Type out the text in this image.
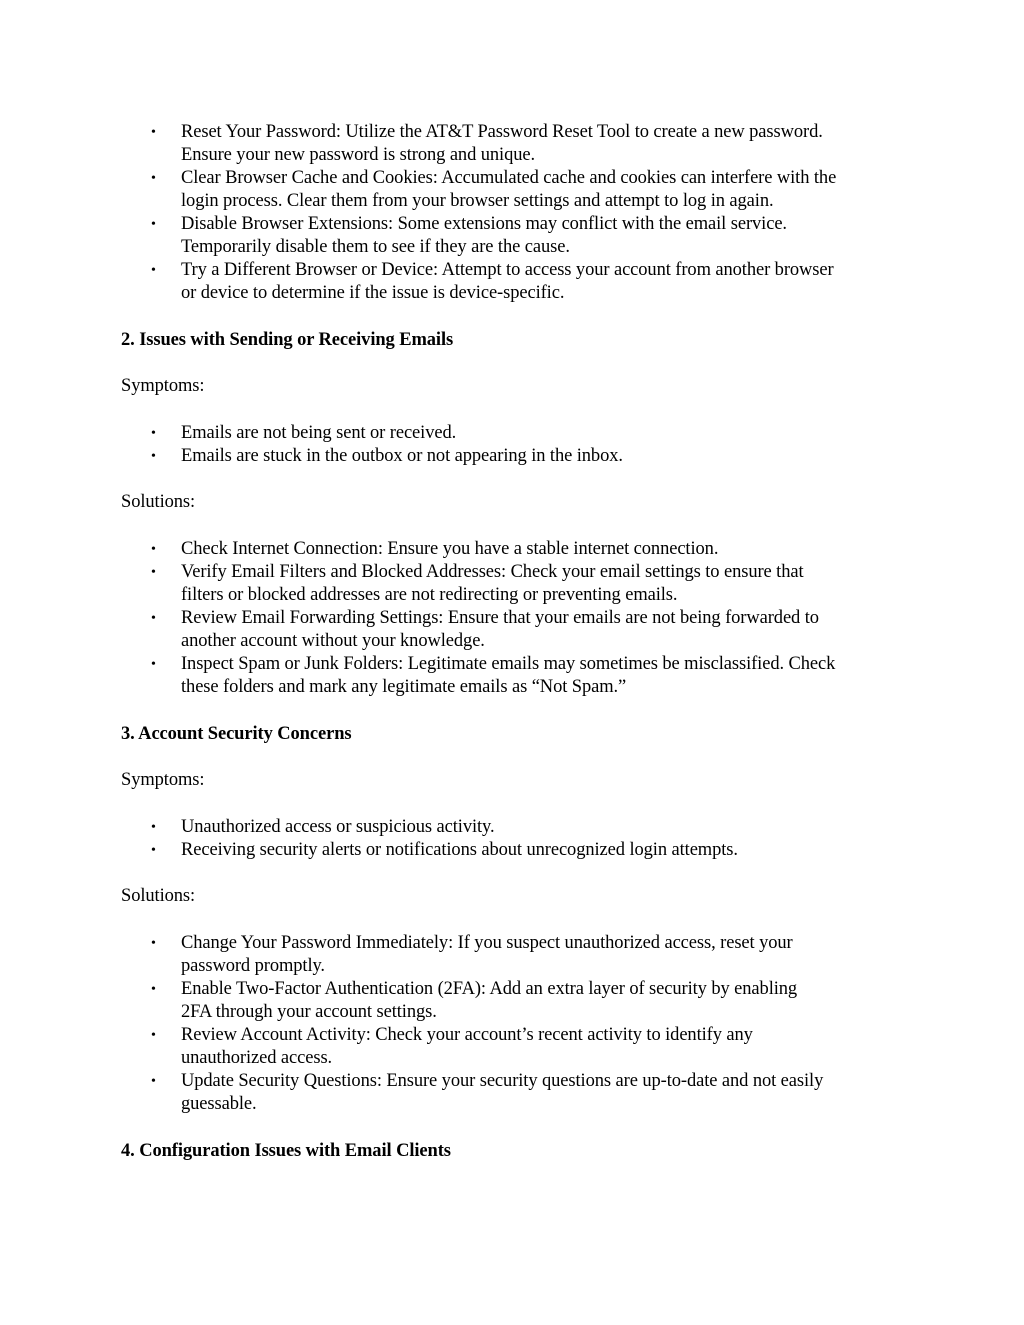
• Reset Your Password: Utilize the AT&T Password Reset Tool to create a new password.
Ensure your new password is strong and unique.
• Clear Browser Cache and Cookies: Accumulated cache and cookies can interfere with the
login process. Clear them from your browser settings and attempt to log in again.
• Disable Browser Extensions: Some extensions may conflict with the email service.
Temporarily disable them to see if they are the cause.
• Try a Different Browser or Device: Attempt to access your account from another browser
or device to determine if the issue is device-specific.
2. Issues with Sending or Receiving Emails
Symptoms:
• Emails are not being sent or received.
• Emails are stuck in the outbox or not appearing in the inbox.
Solutions:
• Check Internet Connection: Ensure you have a stable internet connection.
• Verify Email Filters and Blocked Addresses: Check your email settings to ensure that
filters or blocked addresses are not redirecting or preventing emails.
• Review Email Forwarding Settings: Ensure that your emails are not being forwarded to
another account without your knowledge.
• Inspect Spam or Junk Folders: Legitimate emails may sometimes be misclassified. Check
these folders and mark any legitimate emails as “Not Spam.”
3. Account Security Concerns
Symptoms:
• Unauthorized access or suspicious activity.
• Receiving security alerts or notifications about unrecognized login attempts.
Solutions:
• Change Your Password Immediately: If you suspect unauthorized access, reset your
password promptly.
• Enable Two-Factor Authentication (2FA): Add an extra layer of security by enabling
2FA through your account settings.
• Review Account Activity: Check your account’s recent activity to identify any
unauthorized access.
• Update Security Questions: Ensure your security questions are up-to-date and not easily
guessable.
4. Configuration Issues with Email Clients
